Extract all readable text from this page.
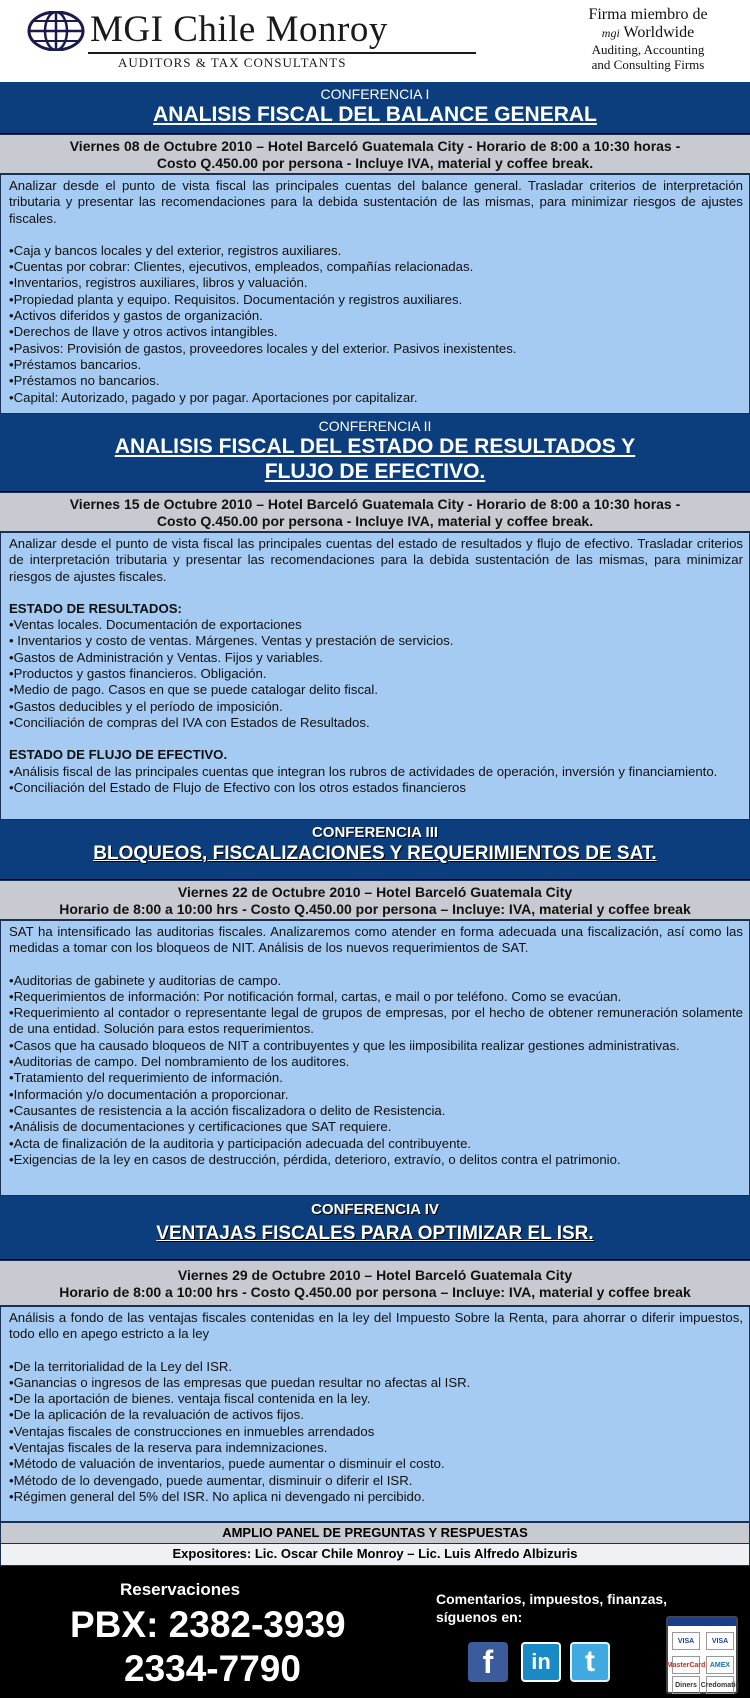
MGI Chile Monroy
AUDITORS & TAX CONSULTANTS
Firma miembro de
mgi Worldwide
Auditing, Accounting
and Consulting Firms
CONFERENCIA I
ANALISIS FISCAL DEL BALANCE GENERAL
Viernes 08 de Octubre 2010 – Hotel Barceló Guatemala City - Horario de 8:00 a 10:30 horas -
Costo Q.450.00 por persona - Incluye IVA, material y coffee break.
Analizar desde el punto de vista fiscal las principales cuentas del balance general. Trasladar criterios de interpretación tributaria y presentar las recomendaciones para la debida sustentación de las mismas, para minimizar riesgos de ajustes fiscales.
•Caja y bancos locales y del exterior, registros auxiliares.
•Cuentas por cobrar: Clientes, ejecutivos, empleados, compañías relacionadas.
•Inventarios, registros auxiliares, libros y valuación.
•Propiedad planta y equipo. Requisitos. Documentación y registros auxiliares.
•Activos diferidos y gastos de organización.
•Derechos de llave y otros activos intangibles.
•Pasivos: Provisión de gastos, proveedores locales y del exterior. Pasivos inexistentes.
•Préstamos bancarios.
•Préstamos no bancarios.
•Capital: Autorizado, pagado y por pagar. Aportaciones por capitalizar.
CONFERENCIA II
ANALISIS FISCAL DEL ESTADO DE RESULTADOS Y
FLUJO DE EFECTIVO.
Viernes 15 de Octubre 2010 – Hotel Barceló Guatemala City - Horario de 8:00 a 10:30 horas -
Costo Q.450.00 por persona - Incluye IVA, material y coffee break.
Analizar desde el punto de vista fiscal las principales cuentas del estado de resultados y flujo de efectivo. Trasladar criterios de interpretación tributaria y presentar las recomendaciones para la debida sustentación de las mismas, para minimizar riesgos de ajustes fiscales.
ESTADO DE RESULTADOS:
•Ventas locales. Documentación de exportaciones
• Inventarios y costo de ventas. Márgenes. Ventas y prestación de servicios.
•Gastos de Administración y Ventas. Fijos y variables.
•Productos y gastos financieros. Obligación.
•Medio de pago. Casos en que se puede catalogar delito fiscal.
•Gastos deducibles y el período de imposición.
•Conciliación de compras del IVA con Estados de Resultados.
ESTADO DE FLUJO DE EFECTIVO.
•Análisis fiscal de las principales cuentas que integran los rubros de actividades de operación, inversión y financiamiento.
•Conciliación del Estado de Flujo de Efectivo con los otros estados financieros
CONFERENCIA III
BLOQUEOS, FISCALIZACIONES Y REQUERIMIENTOS DE SAT.
Viernes 22 de Octubre 2010 – Hotel Barceló Guatemala City
Horario de 8:00 a 10:00 hrs - Costo Q.450.00 por persona – Incluye: IVA, material y coffee break
SAT ha intensificado las auditorias fiscales. Analizaremos como atender en forma adecuada una fiscalización, así como las medidas a tomar con los bloqueos de NIT. Análisis de los nuevos requerimientos de SAT.
•Auditorias de gabinete y auditorias de campo.
•Requerimientos de información: Por notificación formal, cartas, e mail o por teléfono. Como se evacúan.
•Requerimiento al contador o representante legal de grupos de empresas, por el hecho de obtener remuneración solamente de una entidad. Solución para estos requerimientos.
•Casos que ha causado bloqueos de NIT a contribuyentes y que les iimposibilita realizar gestiones administrativas.
•Auditorias de campo. Del nombramiento de los auditores.
•Tratamiento del requerimiento de información.
•Información y/o documentación a proporcionar.
•Causantes de resistencia a la acción fiscalizadora o delito de Resistencia.
•Análisis de documentaciones y certificaciones que SAT requiere.
•Acta de finalización de la auditoria y participación adecuada del contribuyente.
•Exigencias de la ley en casos de destrucción, pérdida, deterioro, extravío, o delitos contra el patrimonio.
CONFERENCIA IV
VENTAJAS FISCALES PARA OPTIMIZAR EL ISR.
Viernes 29 de Octubre 2010 – Hotel Barceló Guatemala City
Horario de 8:00 a 10:00 hrs - Costo Q.450.00 por persona – Incluye: IVA, material y coffee break
Análisis a fondo de las ventajas fiscales contenidas en la ley del Impuesto Sobre la Renta, para ahorrar o diferir impuestos, todo ello en apego estricto a la ley
•De la territorialidad de la Ley del ISR.
•Ganancias o ingresos de las empresas que puedan resultar no afectas al ISR.
•De la aportación de bienes. ventaja fiscal contenida en la ley.
•De la aplicación de la revaluación de activos fijos.
•Ventajas fiscales de construcciones en inmuebles arrendados
•Ventajas fiscales de la reserva para indemnizaciones.
•Método de valuación de inventarios, puede aumentar o disminuir el costo.
•Método de lo devengado, puede aumentar, disminuir o diferir el ISR.
•Régimen general del 5% del ISR. No aplica ni devengado ni percibido.
AMPLIO PANEL DE PREGUNTAS Y RESPUESTAS
Expositores: Lic. Oscar Chile Monroy – Lic. Luis Alfredo Albizuris
Reservaciones
PBX: 2382-3939
2334-7790
Comentarios, impuestos, finanzas, síguenos en:
f	in	t
VISA	VISA
MasterCard AMEX
Diners Credomatic
